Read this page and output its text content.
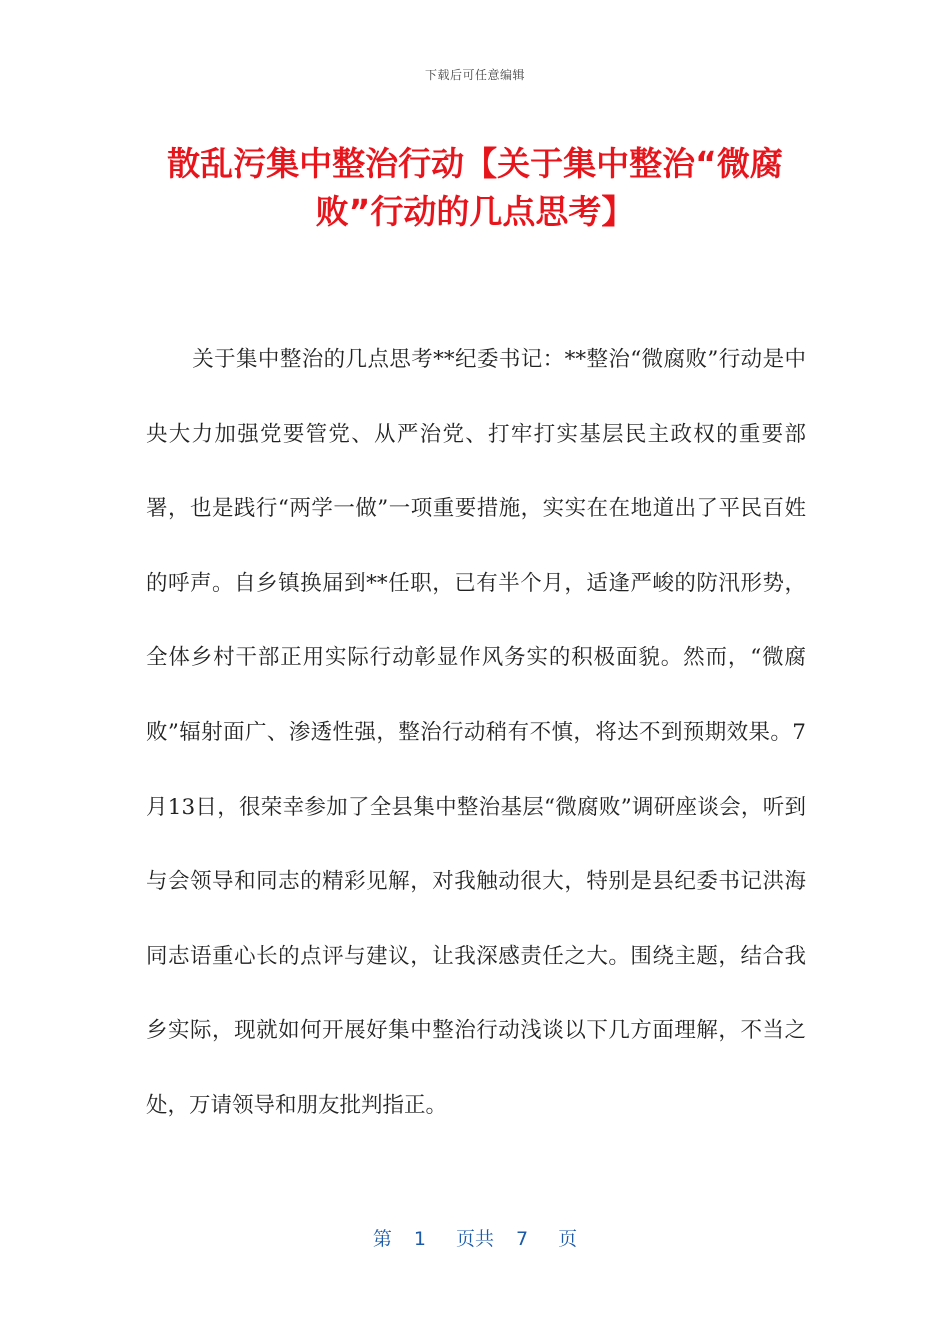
下载后可任意编辑
散乱污集中整治行动【关于集中整治“微腐败”行动的几点思考】

关于集中整治的几点思考**纪委书记：**整治“微腐败”行动是中央大力加强党要管党、从严治党、打牢打实基层民主政权的重要部署，也是践行“两学一做”一项重要措施，实实在在地道出了平民百姓的呼声。自乡镇换届到**任职，已有半个月，适逢严峻的防汛形势，全体乡村干部正用实际行动彰显作风务实的积极面貌。然而，“微腐败”辐射面广、渗透性强，整治行动稍有不慎，将达不到预期效果。7月13日，很荣幸参加了全县集中整治基层“微腐败”调研座谈会，听到与会领导和同志的精彩见解，对我触动很大，特别是县纪委书记洪海同志语重心长的点评与建议，让我深感责任之大。围绕主题，结合我乡实际，现就如何开展好集中整治行动浅谈以下几方面理解，不当之处，万请领导和朋友批判指正。

第 1 页共 7 页
